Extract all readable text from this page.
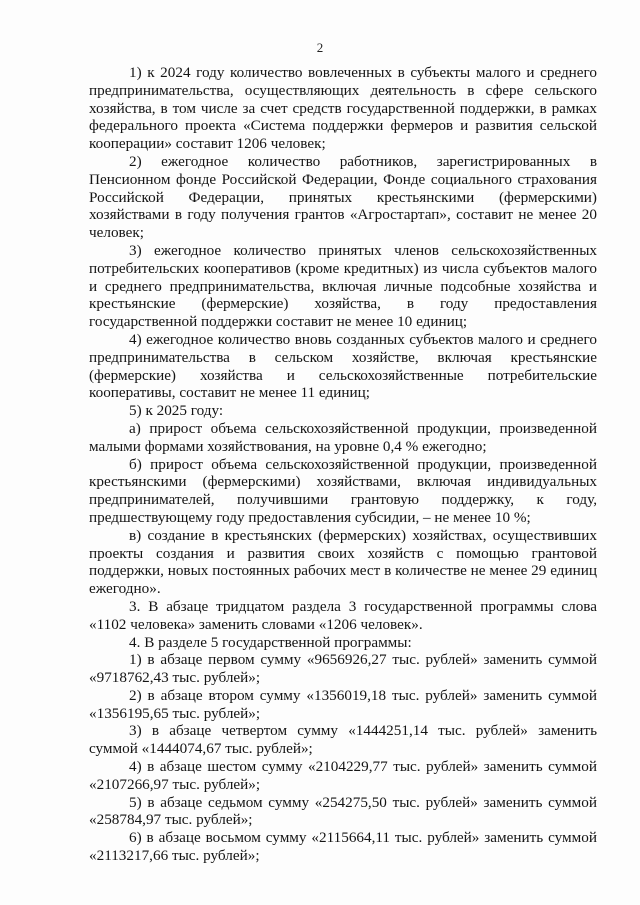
2

1) к 2024 году количество вовлеченных в субъекты малого и среднего предпринимательства, осуществляющих деятельность в сфере сельского хозяйства, в том числе за счет средств государственной поддержки, в рамках федерального проекта «Система поддержки фермеров и развития сельской кооперации» составит 1206 человек;

2) ежегодное количество работников, зарегистрированных в Пенсионном фонде Российской Федерации, Фонде социального страхования Российской Федерации, принятых крестьянскими (фермерскими) хозяйствами в году получения грантов «Агростартап», составит не менее 20 человек;

3) ежегодное количество принятых членов сельскохозяйственных потребительских кооперативов (кроме кредитных) из числа субъектов малого и среднего предпринимательства, включая личные подсобные хозяйства и крестьянские (фермерские) хозяйства, в году предоставления государственной поддержки составит не менее 10 единиц;

4) ежегодное количество вновь созданных субъектов малого и среднего предпринимательства в сельском хозяйстве, включая крестьянские (фермерские) хозяйства и сельскохозяйственные потребительские кооперативы, составит не менее 11 единиц;

5) к 2025 году:

а) прирост объема сельскохозяйственной продукции, произведенной малыми формами хозяйствования, на уровне 0,4 % ежегодно;

б) прирост объема сельскохозяйственной продукции, произведенной крестьянскими (фермерскими) хозяйствами, включая индивидуальных предпринимателей, получившими грантовую поддержку, к году, предшествующему году предоставления субсидии, – не менее 10 %;

в) создание в крестьянских (фермерских) хозяйствах, осуществивших проекты создания и развития своих хозяйств с помощью грантовой поддержки, новых постоянных рабочих мест в количестве не менее 29 единиц ежегодно».

3. В абзаце тридцатом раздела 3 государственной программы слова «1102 человека» заменить словами «1206 человек».

4. В разделе 5 государственной программы:

1) в абзаце первом сумму «9656926,27 тыс. рублей» заменить суммой «9718762,43 тыс. рублей»;

2) в абзаце втором сумму «1356019,18 тыс. рублей» заменить суммой «1356195,65 тыс. рублей»;

3) в абзаце четвертом сумму «1444251,14 тыс. рублей» заменить суммой «1444074,67 тыс. рублей»;

4) в абзаце шестом сумму «2104229,77 тыс. рублей» заменить суммой «2107266,97 тыс. рублей»;

5) в абзаце седьмом сумму «254275,50 тыс. рублей» заменить суммой «258784,97 тыс. рублей»;

6) в абзаце восьмом сумму «2115664,11 тыс. рублей» заменить суммой «2113217,66 тыс. рублей»;
